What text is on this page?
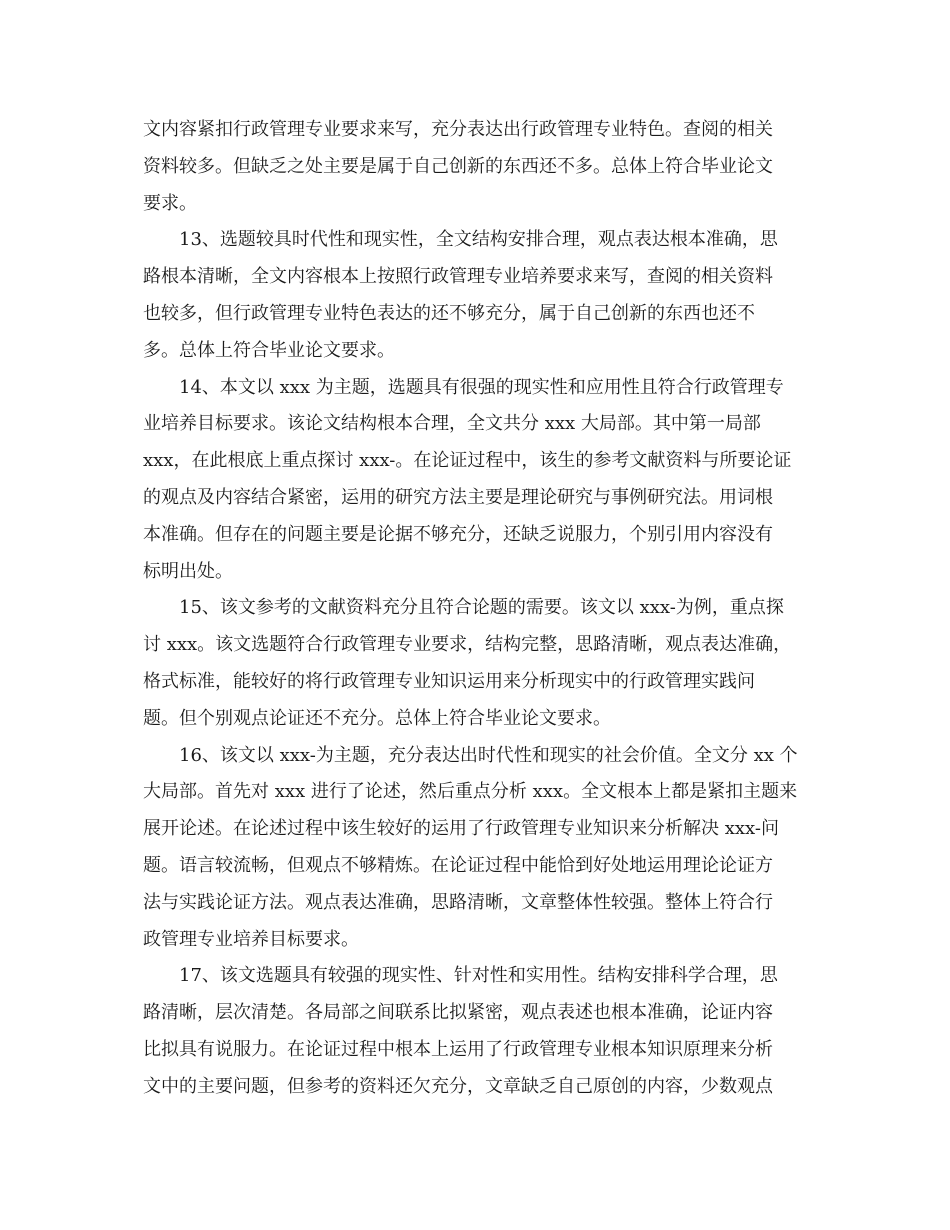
文内容紧扣行政管理专业要求来写，充分表达出行政管理专业特色。查阅的相关
资料较多。但缺乏之处主要是属于自己创新的东西还不多。总体上符合毕业论文
要求。

13、选题较具时代性和现实性，全文结构安排合理，观点表达根本准确，思
路根本清晰，全文内容根本上按照行政管理专业培养要求来写，查阅的相关资料
也较多，但行政管理专业特色表达的还不够充分，属于自己创新的东西也还不
多。总体上符合毕业论文要求。

14、本文以 xxx 为主题，选题具有很强的现实性和应用性且符合行政管理专
业培养目标要求。该论文结构根本合理，全文共分 xxx 大局部。其中第一局部
xxx，在此根底上重点探讨 xxx-。在论证过程中，该生的参考文献资料与所要论证
的观点及内容结合紧密，运用的研究方法主要是理论研究与事例研究法。用词根
本准确。但存在的问题主要是论据不够充分，还缺乏说服力，个别引用内容没有
标明出处。

15、该文参考的文献资料充分且符合论题的需要。该文以 xxx-为例，重点探
讨 xxx。该文选题符合行政管理专业要求，结构完整，思路清晰，观点表达准确，
格式标准，能较好的将行政管理专业知识运用来分析现实中的行政管理实践问
题。但个别观点论证还不充分。总体上符合毕业论文要求。

16、该文以 xxx-为主题，充分表达出时代性和现实的社会价值。全文分 xx 个
大局部。首先对 xxx 进行了论述，然后重点分析 xxx。全文根本上都是紧扣主题来
展开论述。在论述过程中该生较好的运用了行政管理专业知识来分析解决 xxx-问
题。语言较流畅，但观点不够精炼。在论证过程中能恰到好处地运用理论论证方
法与实践论证方法。观点表达准确，思路清晰，文章整体性较强。整体上符合行
政管理专业培养目标要求。

17、该文选题具有较强的现实性、针对性和实用性。结构安排科学合理，思
路清晰，层次清楚。各局部之间联系比拟紧密，观点表述也根本准确，论证内容
比拟具有说服力。在论证过程中根本上运用了行政管理专业根本知识原理来分析
文中的主要问题，但参考的资料还欠充分，文章缺乏自己原创的内容，少数观点
